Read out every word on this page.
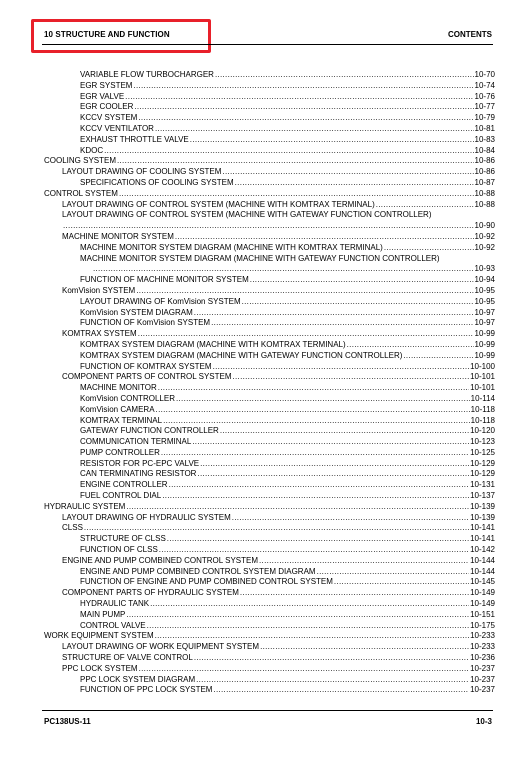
10 STRUCTURE AND FUNCTION	CONTENTS
VARIABLE FLOW TURBOCHARGER .....	10-70
EGR SYSTEM .....	10-74
EGR VALVE .....	10-76
EGR COOLER .....	10-77
KCCV SYSTEM .....	10-79
KCCV VENTILATOR .....	10-81
EXHAUST THROTTLE VALVE .....	10-83
KDOC .....	10-84
COOLING SYSTEM .....	10-86
LAYOUT DRAWING OF COOLING SYSTEM .....	10-86
SPECIFICATIONS OF COOLING SYSTEM .....	10-87
CONTROL SYSTEM .....	10-88
LAYOUT DRAWING OF CONTROL SYSTEM (MACHINE WITH KOMTRAX TERMINAL) .....	10-88
LAYOUT DRAWING OF CONTROL SYSTEM (MACHINE WITH GATEWAY FUNCTION CONTROLLER)
.....
10-90
MACHINE MONITOR SYSTEM .....	10-92
MACHINE MONITOR SYSTEM DIAGRAM (MACHINE WITH KOMTRAX TERMINAL) .....	10-92
MACHINE MONITOR SYSTEM DIAGRAM (MACHINE WITH GATEWAY FUNCTION CONTROLLER)
.....
10-93
FUNCTION OF MACHINE MONITOR SYSTEM .....	10-94
KomVision SYSTEM .....	10-95
LAYOUT DRAWING OF KomVision SYSTEM .....	10-95
KomVision SYSTEM DIAGRAM .....	10-97
FUNCTION OF KomVision SYSTEM .....	10-97
KOMTRAX SYSTEM .....	10-99
KOMTRAX SYSTEM DIAGRAM (MACHINE WITH KOMTRAX TERMINAL) .....	10-99
KOMTRAX SYSTEM DIAGRAM (MACHINE WITH GATEWAY FUNCTION CONTROLLER) .....	10-99
FUNCTION OF KOMTRAX SYSTEM .....	10-100
COMPONENT PARTS OF CONTROL SYSTEM .....	10-101
MACHINE MONITOR .....	10-101
KomVision CONTROLLER .....	10-114
KomVision CAMERA .....	10-118
KOMTRAX TERMINAL .....	10-118
GATEWAY FUNCTION CONTROLLER .....	10-120
COMMUNICATION TERMINAL .....	10-123
PUMP CONTROLLER .....	10-125
RESISTOR FOR PC-EPC VALVE .....	10-129
CAN TERMINATING RESISTOR .....	10-129
ENGINE CONTROLLER .....	10-131
FUEL CONTROL DIAL .....	10-137
HYDRAULIC SYSTEM .....	10-139
LAYOUT DRAWING OF HYDRAULIC SYSTEM .....	10-139
CLSS .....	10-141
STRUCTURE OF CLSS .....	10-141
FUNCTION OF CLSS .....	10-142
ENGINE AND PUMP COMBINED CONTROL SYSTEM .....	10-144
ENGINE AND PUMP COMBINED CONTROL SYSTEM DIAGRAM .....	10-144
FUNCTION OF ENGINE AND PUMP COMBINED CONTROL SYSTEM .....	10-145
COMPONENT PARTS OF HYDRAULIC SYSTEM .....	10-149
HYDRAULIC TANK .....	10-149
MAIN PUMP .....	10-151
CONTROL VALVE .....	10-175
WORK EQUIPMENT SYSTEM .....	10-233
LAYOUT DRAWING OF WORK EQUIPMENT SYSTEM .....	10-233
STRUCTURE OF VALVE CONTROL .....	10-236
PPC LOCK SYSTEM .....	10-237
PPC LOCK SYSTEM DIAGRAM .....	10-237
FUNCTION OF PPC LOCK SYSTEM .....	10-237
PC138US-11	10-3
